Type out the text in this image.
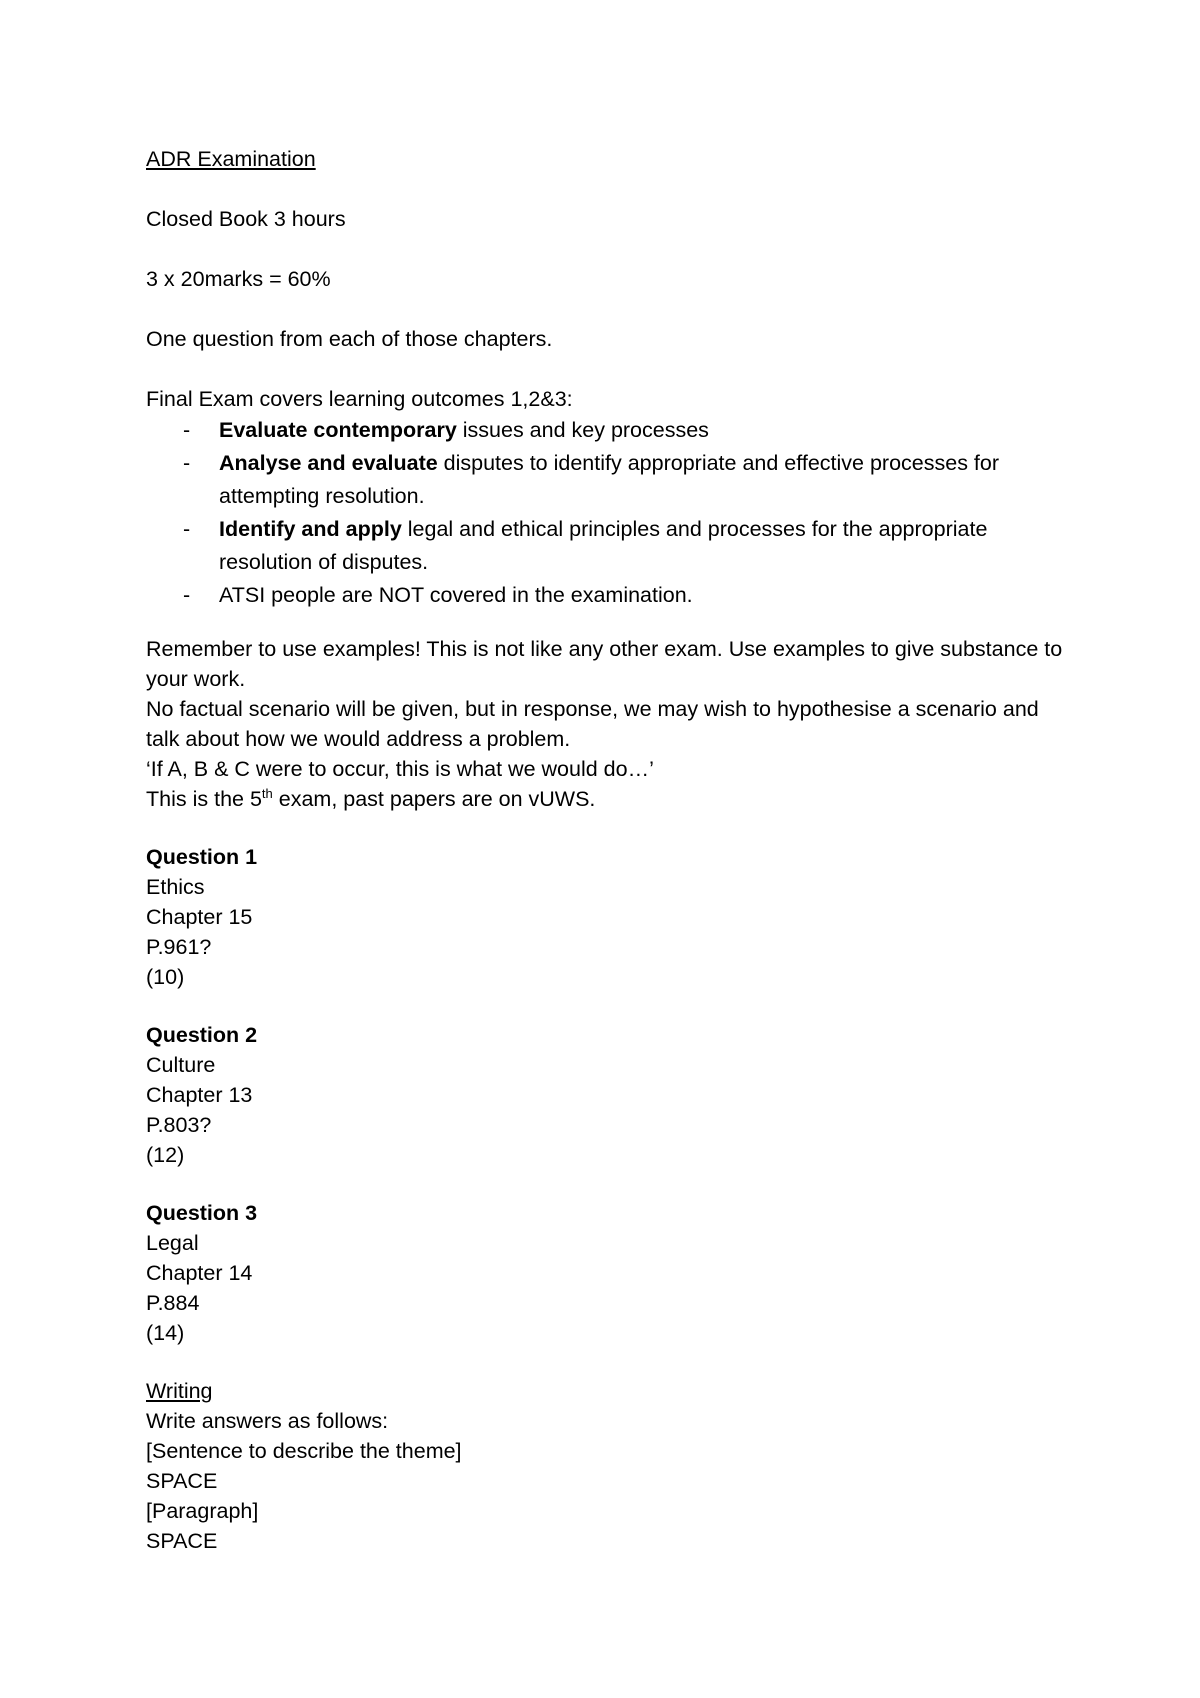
ADR Examination

Closed Book 3 hours

3 x 20marks = 60%

One question from each of those chapters.

Final Exam covers learning outcomes 1,2&3:

- Evaluate contemporary issues and key processes
- Analyse and evaluate disputes to identify appropriate and effective processes for attempting resolution.
- Identify and apply legal and ethical principles and processes for the appropriate resolution of disputes.
- ATSI people are NOT covered in the examination.

Remember to use examples! This is not like any other exam. Use examples to give substance to your work.

No factual scenario will be given, but in response, we may wish to hypothesise a scenario and talk about how we would address a problem.

‘If A, B & C were to occur, this is what we would do…’

This is the 5th exam, past papers are on vUWS.

Question 1
Ethics
Chapter 15
P.961?
(10)
Question 2
Culture
Chapter 13
P.803?
(12)
Question 3
Legal
Chapter 14
P.884
(14)
Writing
Write answers as follows:
[Sentence to describe the theme]
SPACE
[Paragraph]
SPACE
